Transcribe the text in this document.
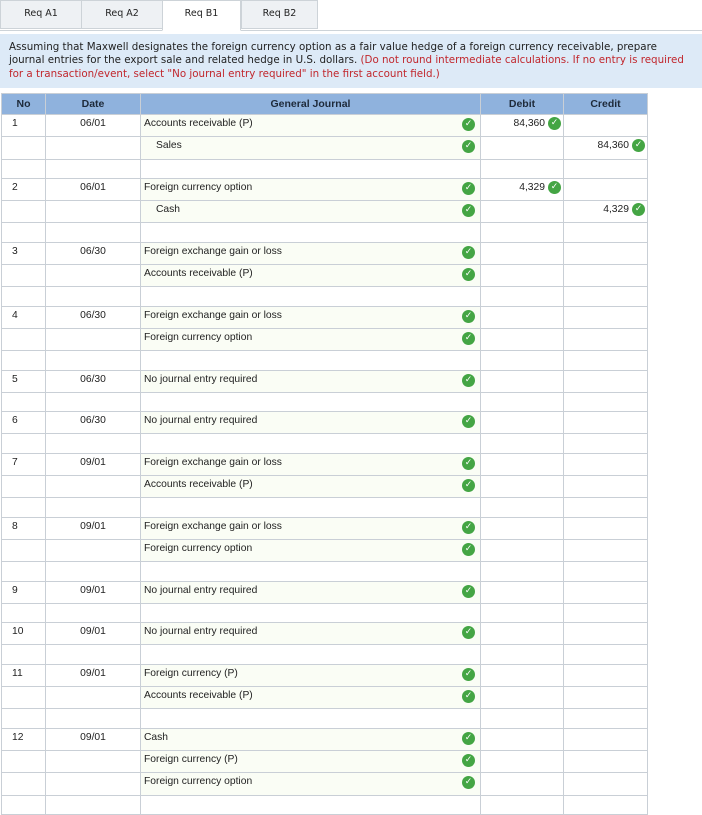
Req A1	Req A2	Req B1	Req B2
Assuming that Maxwell designates the foreign currency option as a fair value hedge of a foreign currency receivable, prepare journal entries for the export sale and related hedge in U.S. dollars. (Do not round intermediate calculations. If no entry is required for a transaction/event, select "No journal entry required" in the first account field.)
No	Date	General Journal	Debit	Credit
1	06/01	Accounts receivable (P) ✓	84,360 ✓	

		Sales ✓		84,360 ✓

2	06/01	Foreign currency option ✓	4,329 ✓	

		Cash ✓		4,329 ✓

3	06/30	Foreign exchange gain or loss ✓		

		Accounts receivable (P) ✓		

4	06/30	Foreign exchange gain or loss ✓		

		Foreign currency option ✓		

5	06/30	No journal entry required ✓		

6	06/30	No journal entry required ✓		

7	09/01	Foreign exchange gain or loss ✓		

		Accounts receivable (P) ✓		

8	09/01	Foreign exchange gain or loss ✓		

		Foreign currency option ✓		

9	09/01	No journal entry required ✓		

10	09/01	No journal entry required ✓		

11	09/01	Foreign currency (P) ✓		

		Accounts receivable (P) ✓		

12	09/01	Cash ✓		

		Foreign currency (P) ✓		

		Foreign currency option ✓		
